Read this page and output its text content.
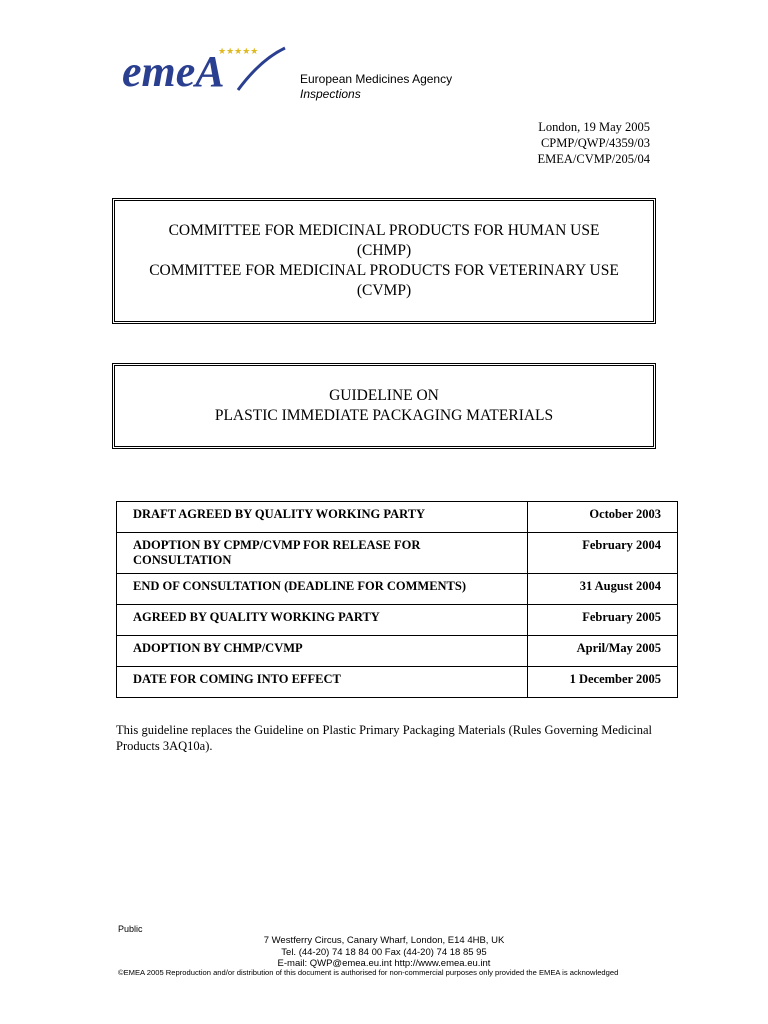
★★★★★
emeA	European Medicines Agency
Inspections
London, 19 May 2005
CPMP/QWP/4359/03
EMEA/CVMP/205/04
COMMITTEE FOR MEDICINAL PRODUCTS FOR HUMAN USE
(CHMP)
COMMITTEE FOR MEDICINAL PRODUCTS FOR VETERINARY USE
(CVMP)
GUIDELINE ON
PLASTIC IMMEDIATE PACKAGING MATERIALS
DRAFT AGREED BY QUALITY WORKING PARTY	October 2003
ADOPTION BY CPMP/CVMP FOR RELEASE FOR CONSULTATION	February 2004
END OF CONSULTATION (DEADLINE FOR COMMENTS)	31 August 2004
AGREED BY QUALITY WORKING PARTY	February 2005
ADOPTION BY CHMP/CVMP	April/May 2005
DATE FOR COMING INTO EFFECT	1 December 2005
This guideline replaces the Guideline on Plastic Primary Packaging Materials (Rules Governing Medicinal Products 3AQ10a).
Public
7 Westferry Circus, Canary Wharf, London, E14 4HB, UK
Tel. (44-20) 74 18 84 00 Fax (44-20) 74 18 85 95
E-mail: QWP@emea.eu.int http://www.emea.eu.int
©EMEA 2005 Reproduction and/or distribution of this document is authorised for non-commercial purposes only provided the EMEA is acknowledged
